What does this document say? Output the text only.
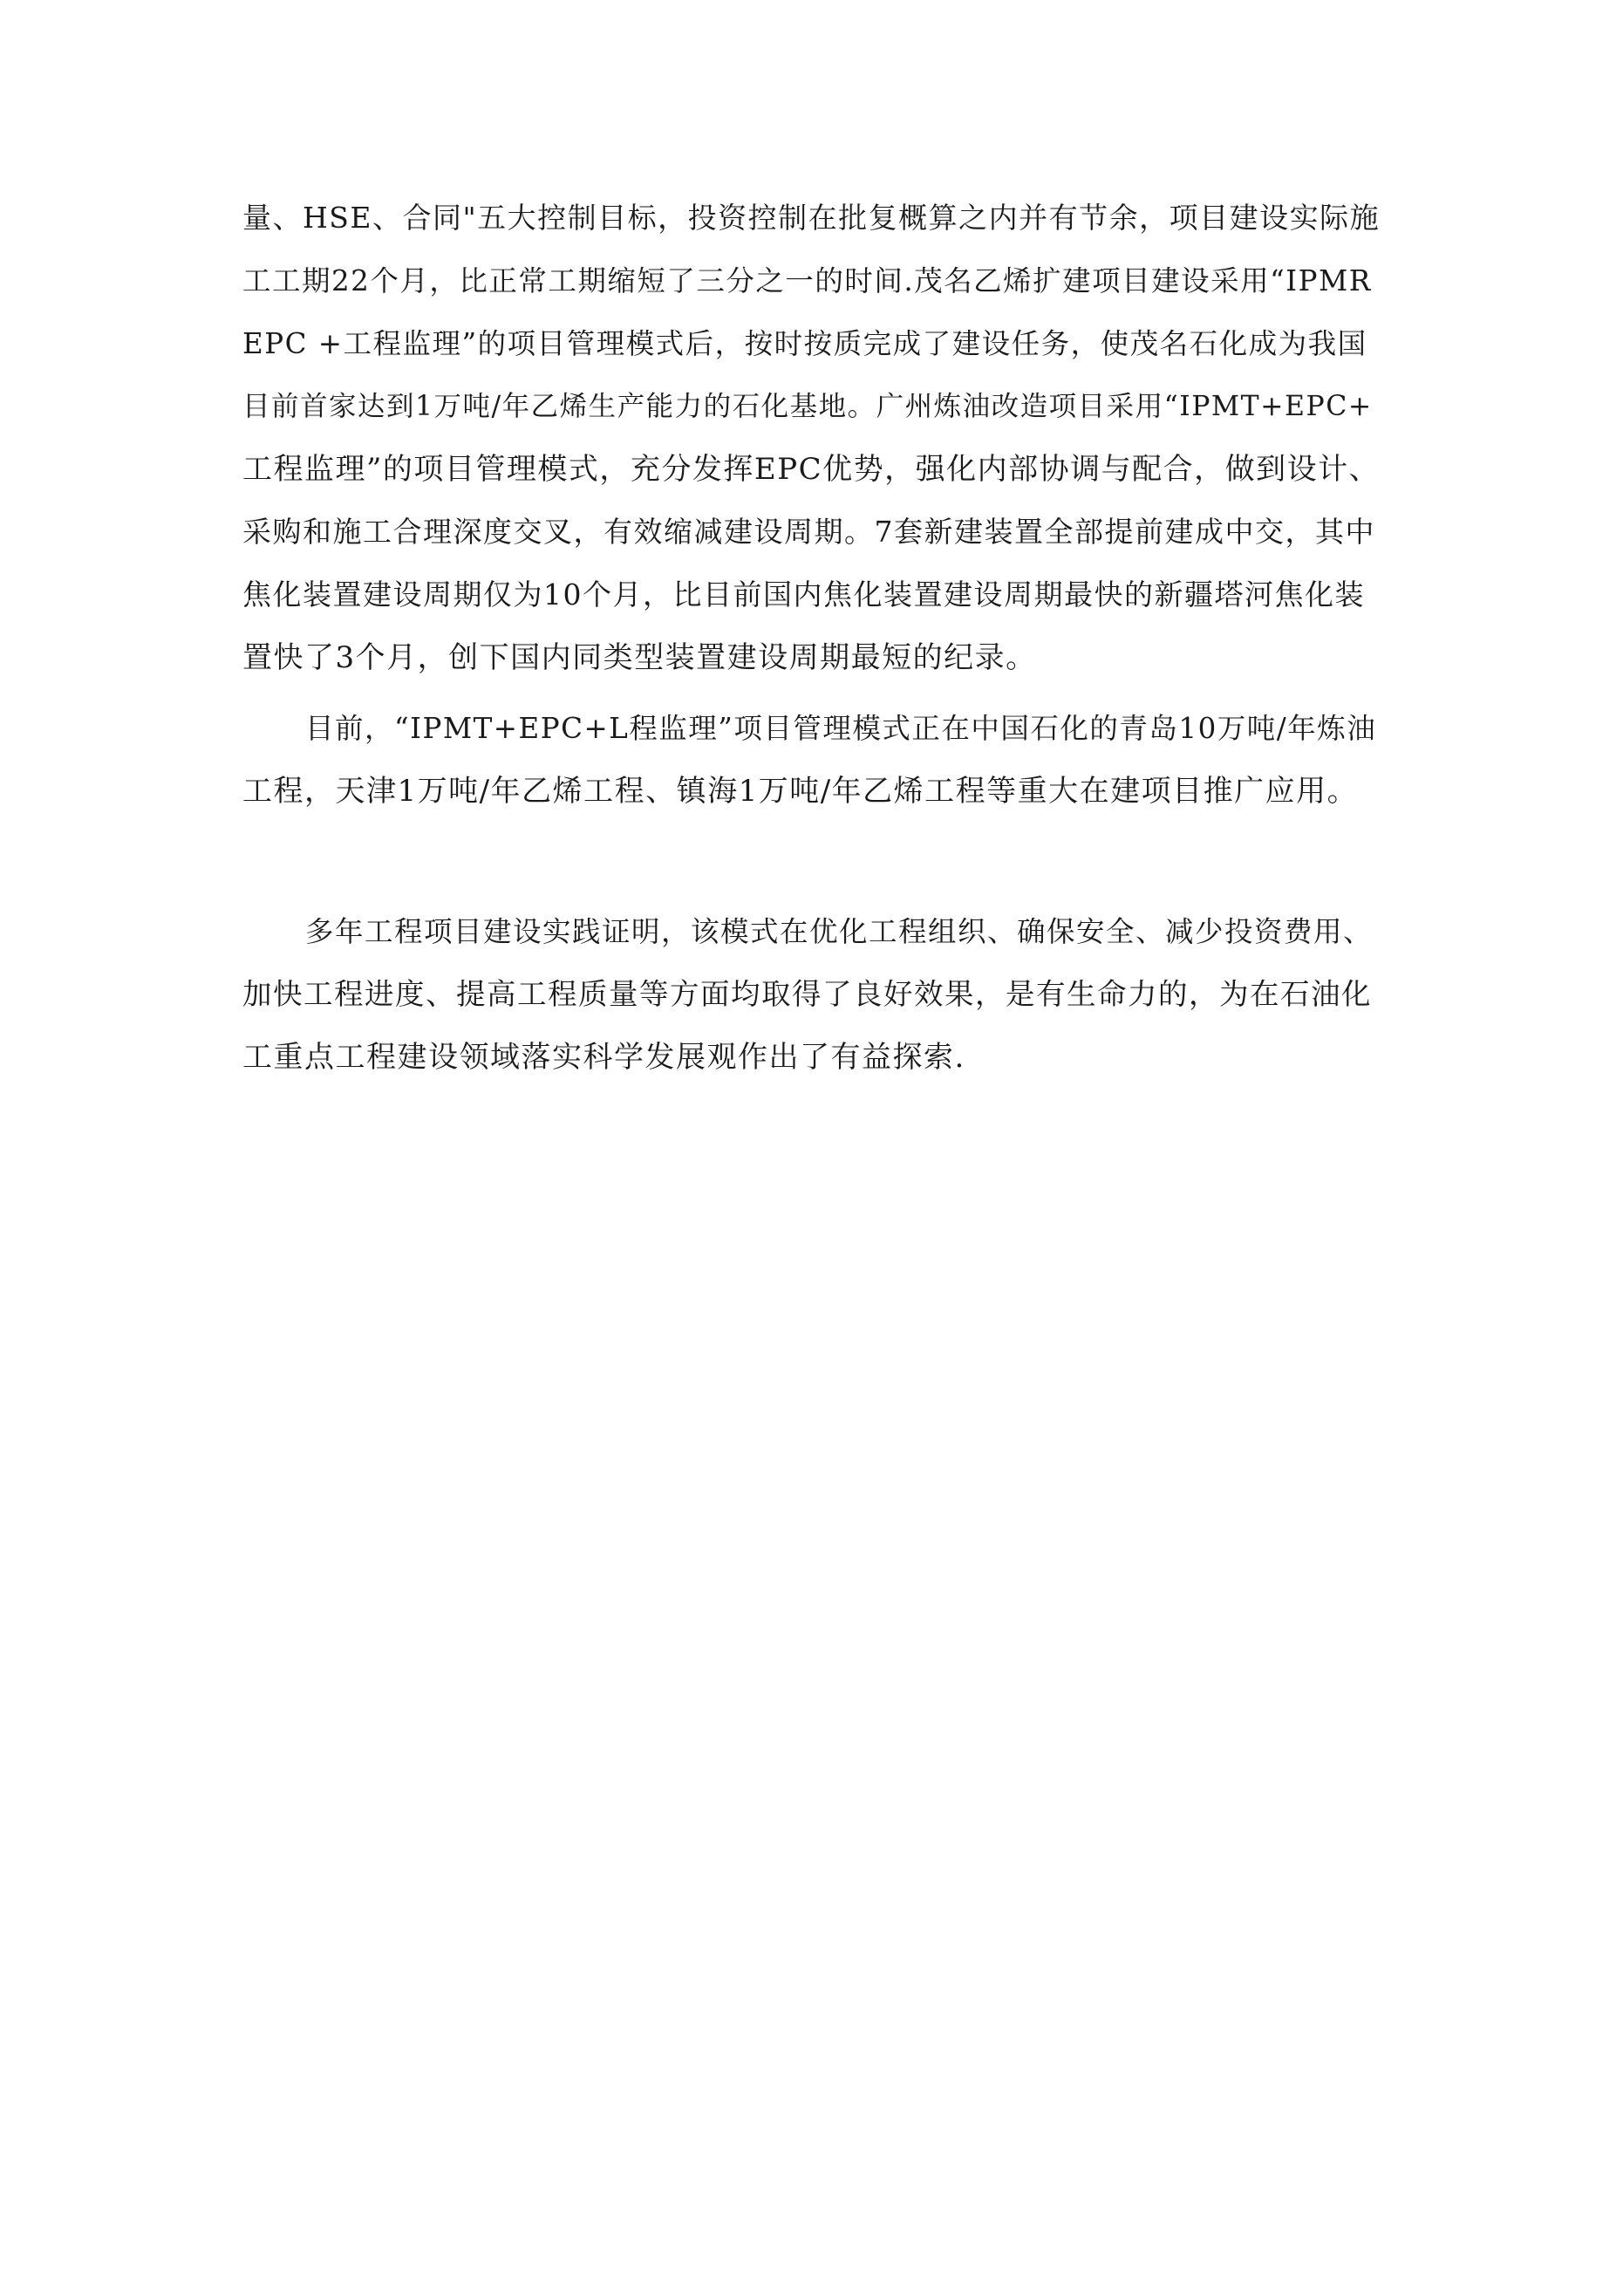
量、HSE、合同"五大控制目标，投资控制在批复概算之内并有节余，项目建设实际施
工工期22个月，比正常工期缩短了三分之一的时间.茂名乙烯扩建项目建设采用“IPMR
EPC +工程监理”的项目管理模式后，按时按质完成了建设任务，使茂名石化成为我国
目前首家达到1万吨/年乙烯生产能力的石化基地。广州炼油改造项目采用“IPMT+EPC+
工程监理”的项目管理模式，充分发挥EPC优势，强化内部协调与配合，做到设计、
采购和施工合理深度交叉，有效缩减建设周期。7套新建装置全部提前建成中交，其中
焦化装置建设周期仅为10个月，比目前国内焦化装置建设周期最快的新疆塔河焦化装
置快了3个月，创下国内同类型装置建设周期最短的纪录。
目前，“IPMT+EPC+L程监理”项目管理模式正在中国石化的青岛10万吨/年炼油
工程，天津1万吨/年乙烯工程、镇海1万吨/年乙烯工程等重大在建项目推广应用。
多年工程项目建设实践证明，该模式在优化工程组织、确保安全、减少投资费用、
加快工程进度、提高工程质量等方面均取得了良好效果，是有生命力的，为在石油化
工重点工程建设领域落实科学发展观作出了有益探索.
